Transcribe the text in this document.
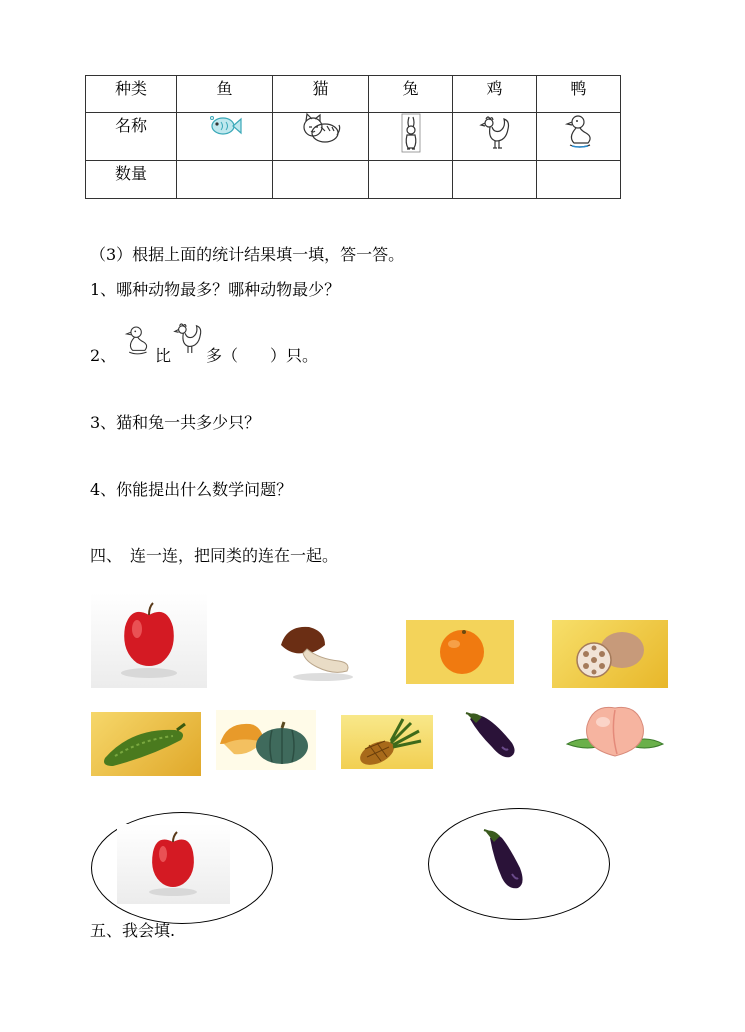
种类	鱼	猫	兔	鸡	鸭
名称					
数量					
（3）根据上面的统计结果填一填，答一答。
1、哪种动物最多？哪种动物最少？
2、 比 多（　　）只。
3、猫和兔一共多少只？
4、你能提出什么数学问题？
四、　连一连，把同类的连在一起。
五、我会填.
